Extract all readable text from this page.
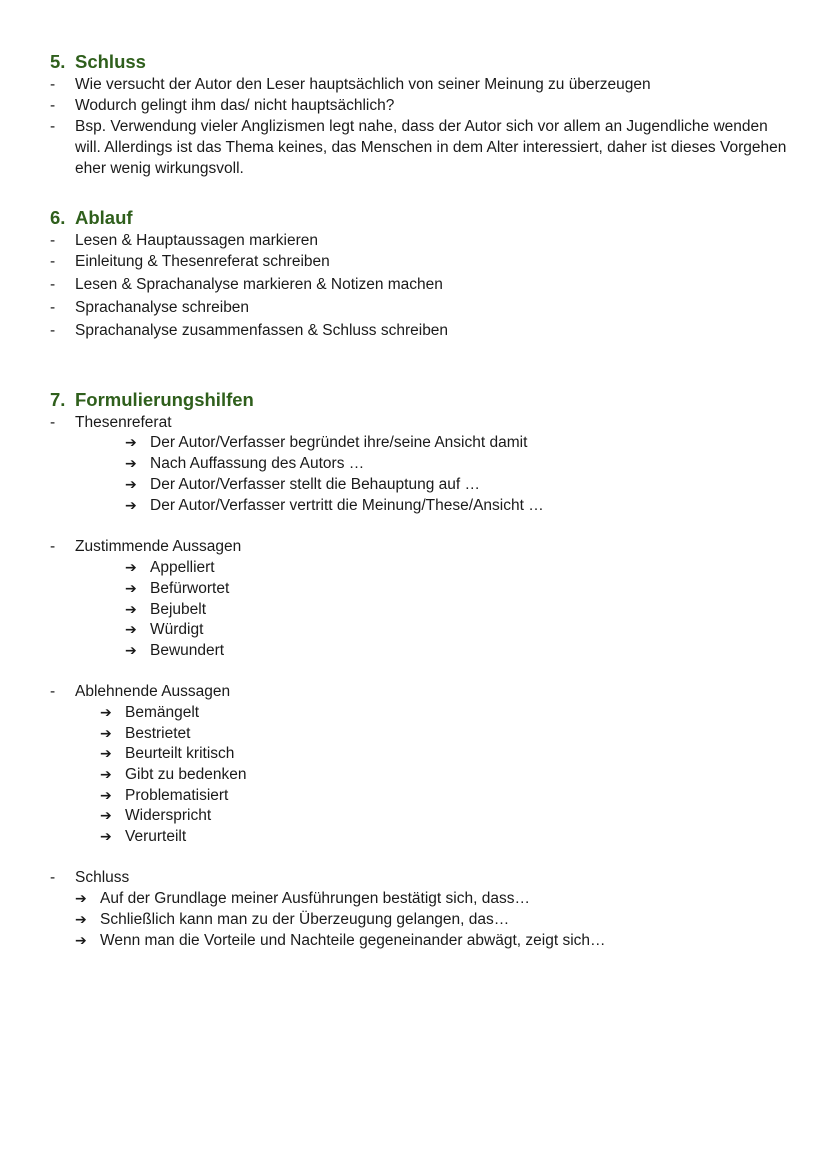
5. Schluss
- Wie versucht der Autor den Leser hauptsächlich von seiner Meinung zu überzeugen
- Wodurch gelingt ihm das/ nicht hauptsächlich?
- Bsp. Verwendung vieler Anglizismen legt nahe, dass der Autor sich vor allem an Jugendliche wenden will. Allerdings ist das Thema keines, das Menschen in dem Alter interessiert, daher ist dieses Vorgehen eher wenig wirkungsvoll.
6. Ablauf
- Lesen & Hauptaussagen markieren
- Einleitung & Thesenreferat schreiben
- Lesen & Sprachanalyse markieren & Notizen machen
- Sprachanalyse schreiben
- Sprachanalyse zusammenfassen & Schluss schreiben
7. Formulierungshilfen
- Thesenreferat
➔ Der Autor/Verfasser begründet ihre/seine Ansicht damit
➔ Nach Auffassung des Autors …
➔ Der Autor/Verfasser stellt die Behauptung auf …
➔ Der Autor/Verfasser vertritt die Meinung/These/Ansicht …
- Zustimmende Aussagen
➔ Appelliert
➔ Befürwortet
➔ Bejubelt
➔ Würdigt
➔ Bewundert
- Ablehnende Aussagen
➔ Bemängelt
➔ Bestrietet
➔ Beurteilt kritisch
➔ Gibt zu bedenken
➔ Problematisiert
➔ Widerspricht
➔ Verurteilt
- Schluss
➔ Auf der Grundlage meiner Ausführungen bestätigt sich, dass…
➔ Schließlich kann man zu der Überzeugung gelangen, das…
➔ Wenn man die Vorteile und Nachteile gegeneinander abwägt, zeigt sich…
